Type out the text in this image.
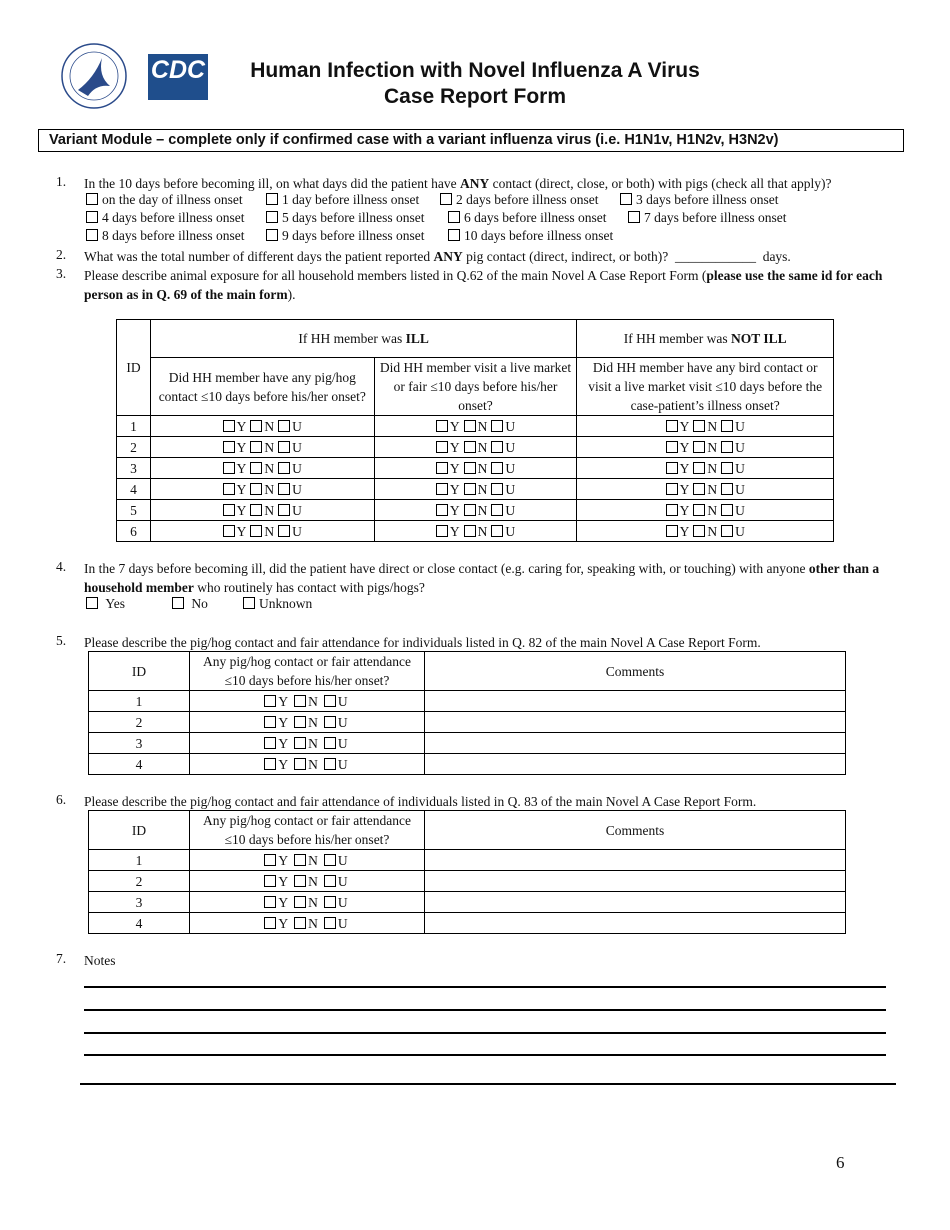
CDC	Human Infection with Novel Influenza A Virus
Case Report Form
Variant Module – complete only if confirmed case with a variant influenza virus (i.e. H1N1v, H1N2v, H3N2v)
1.	In the 10 days before becoming ill, on what days did the patient have ANY contact (direct, close, or both) with pigs (check all that apply)?
on the day of illness onset	1 day before illness onset	2 days before illness onset	3 days before illness onset
4 days before illness onset	5 days before illness onset	6 days before illness onset	7 days before illness onset
8 days before illness onset	9 days before illness onset	10 days before illness onset
2.	What was the total number of different days the patient reported ANY pig contact (direct, indirect, or both)? ____________ days.
3.	Please describe animal exposure for all household members listed in Q.62 of the main Novel A Case Report Form (please use the same id for each person as in Q. 69 of the main form).
ID	If HH member was ILL		If HH member was NOT ILL
	Did HH member have any pig/hog contact ≤10 days before his/her onset?	Did HH member visit a live market or fair ≤10 days before his/her onset?	Did HH member have any bird contact or visit a live market visit ≤10 days before the case-patient’s illness onset?
1	Y N U	Y N U	Y N U
2	Y N U	Y N U	Y N U
3	Y N U	Y N U	Y N U
4	Y N U	Y N U	Y N U
5	Y N U	Y N U	Y N U
6	Y N U	Y N U	Y N U
4.	In the 7 days before becoming ill, did the patient have direct or close contact (e.g. caring for, speaking with, or touching) with anyone other than a household member who routinely has contact with pigs/hogs?
Yes	No	Unknown
5.	Please describe the pig/hog contact and fair attendance for individuals listed in Q. 82 of the main Novel A Case Report Form.
ID	Any pig/hog contact or fair attendance ≤10 days before his/her onset?	Comments
1	Y N U	
2	Y N U	
3	Y N U	
4	Y N U	
6.	Please describe the pig/hog contact and fair attendance of individuals listed in Q. 83 of the main Novel A Case Report Form.
ID	Any pig/hog contact or fair attendance ≤10 days before his/her onset?	Comments
1	Y N U	
2	Y N U	
3	Y N U	
4	Y N U	
7.	Notes
6
